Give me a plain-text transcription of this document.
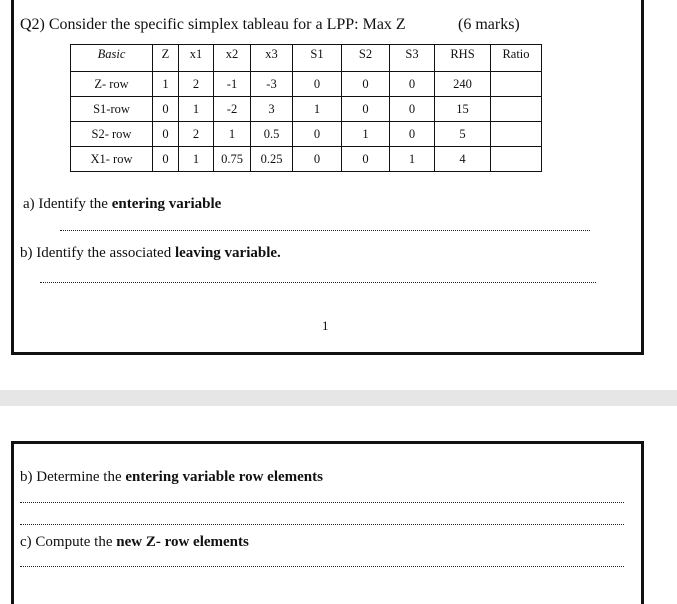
Q2) Consider the specific simplex tableau for a LPP: Max Z	(6 marks)
Basic	Z	x1	x2	x3	S1	S2	S3	RHS	Ratio
Z- row	1	2	-1	-3	0	0	0	240	
S1-row	0	1	-2	3	1	0	0	15	
S2- row	0	2	1	0.5	0	1	0	5	
X1- row	0	1	0.75	0.25	0	0	1	4	
a) Identify the entering variable
b) Identify the associated leaving variable.
1
b) Determine the entering variable row elements
c) Compute the new Z- row elements
